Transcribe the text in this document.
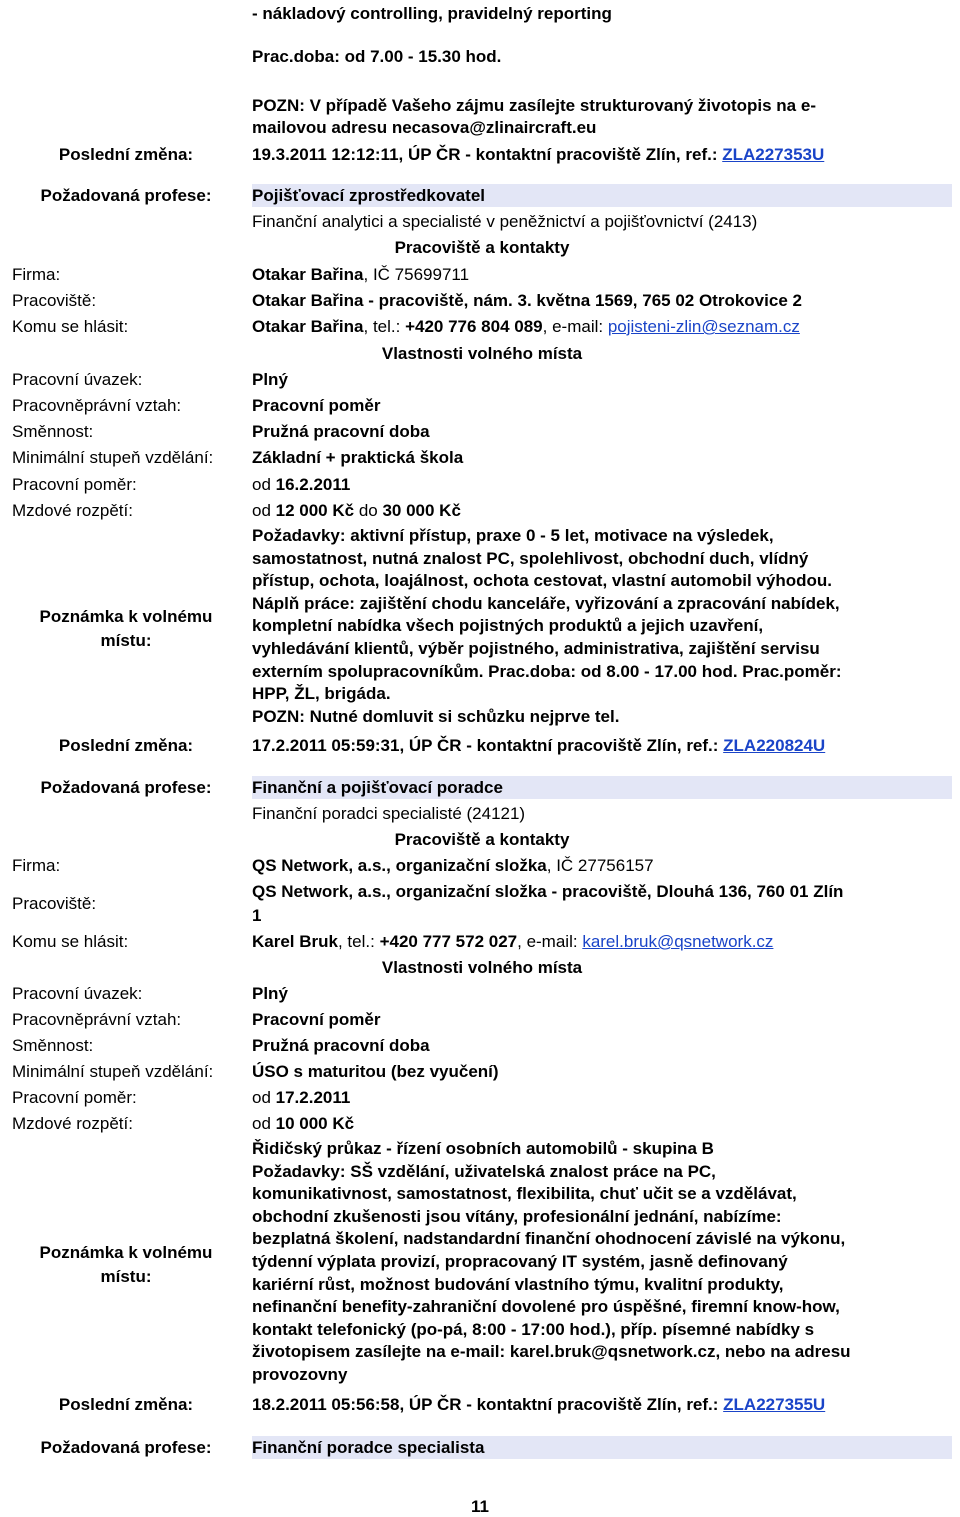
- nákladový controlling, pravidelný reporting
Prac.doba: od 7.00 - 15.30 hod.
POZN: V případě Vašeho zájmu zasílejte strukturovaný životopis na e-
mailovou adresu necasova@zlinaircraft.eu
Poslední změna:	19.3.2011 12:12:11, ÚP ČR - kontaktní pracoviště Zlín, ref.: ZLA227353U
Požadovaná profese:	Pojišťovací zprostředkovatel
Finanční analytici a specialisté v peněžnictví a pojišťovnictví (2413)
Pracoviště a kontakty
Firma:	Otakar Bařina, IČ 75699711
Pracoviště:	Otakar Bařina - pracoviště, nám. 3. května 1569, 765 02 Otrokovice 2
Komu se hlásit:	Otakar Bařina, tel.: +420 776 804 089, e-mail: pojisteni-zlin@seznam.cz
Vlastnosti volného místa
Pracovní úvazek:	Plný
Pracovněprávní vztah:	Pracovní poměr
Směnnost:	Pružná pracovní doba
Minimální stupeň vzdělání: Základní + praktická škola
Pracovní poměr:	od 16.2.2011
Mzdové rozpětí:	od 12 000 Kč do 30 000 Kč
Poznámka k volnému
místu:
Požadavky: aktivní přístup, praxe 0 - 5 let, motivace na výsledek,
samostatnost, nutná znalost PC, spolehlivost, obchodní duch, vlídný
přístup, ochota, loajálnost, ochota cestovat, vlastní automobil výhodou.
Náplň práce: zajištění chodu kanceláře, vyřizování a zpracování nabídek,
kompletní nabídka všech pojistných produktů a jejich uzavření,
vyhledávání klientů, výběr pojistného, administrativa, zajištění servisu
externím spolupracovníkům. Prac.doba: od 8.00 - 17.00 hod. Prac.poměr:
HPP, ŽL, brigáda.
POZN: Nutné domluvit si schůzku nejprve tel.
Poslední změna:	17.2.2011 05:59:31, ÚP ČR - kontaktní pracoviště Zlín, ref.: ZLA220824U
Požadovaná profese:	Finanční a pojišťovací poradce
Finanční poradci specialisté (24121)
Pracoviště a kontakty
Firma:	QS Network, a.s., organizační složka, IČ 27756157
Pracoviště:
QS Network, a.s., organizační složka - pracoviště, Dlouhá 136, 760 01 Zlín
1
Komu se hlásit:	Karel Bruk, tel.: +420 777 572 027, e-mail: karel.bruk@qsnetwork.cz
Vlastnosti volného místa
Pracovní úvazek:	Plný
Pracovněprávní vztah:	Pracovní poměr
Směnnost:	Pružná pracovní doba
Minimální stupeň vzdělání: ÚSO s maturitou (bez vyučení)
Pracovní poměr:	od 17.2.2011
Mzdové rozpětí:	od 10 000 Kč
Poznámka k volnému
místu:
Řidičský průkaz - řízení osobních automobilů - skupina B
Požadavky: SŠ vzdělání, uživatelská znalost práce na PC,
komunikativnost, samostatnost, flexibilita, chuť učit se a vzdělávat,
obchodní zkušenosti jsou vítány, profesionální jednání, nabízíme:
bezplatná školení, nadstandardní finanční ohodnocení závislé na výkonu,
týdenní výplata provizí, propracovaný IT systém, jasně definovaný
kariérní růst, možnost budování vlastního týmu, kvalitní produkty,
nefinanční benefity-zahraniční dovolené pro úspěšné, firemní know-how,
kontakt telefonický (po-pá, 8:00 - 17:00 hod.), příp. písemné nabídky s
životopisem zasílejte na e-mail: karel.bruk@qsnetwork.cz, nebo na adresu
provozovny
Poslední změna:	18.2.2011 05:56:58, ÚP ČR - kontaktní pracoviště Zlín, ref.: ZLA227355U
Požadovaná profese:	Finanční poradce specialista
11
